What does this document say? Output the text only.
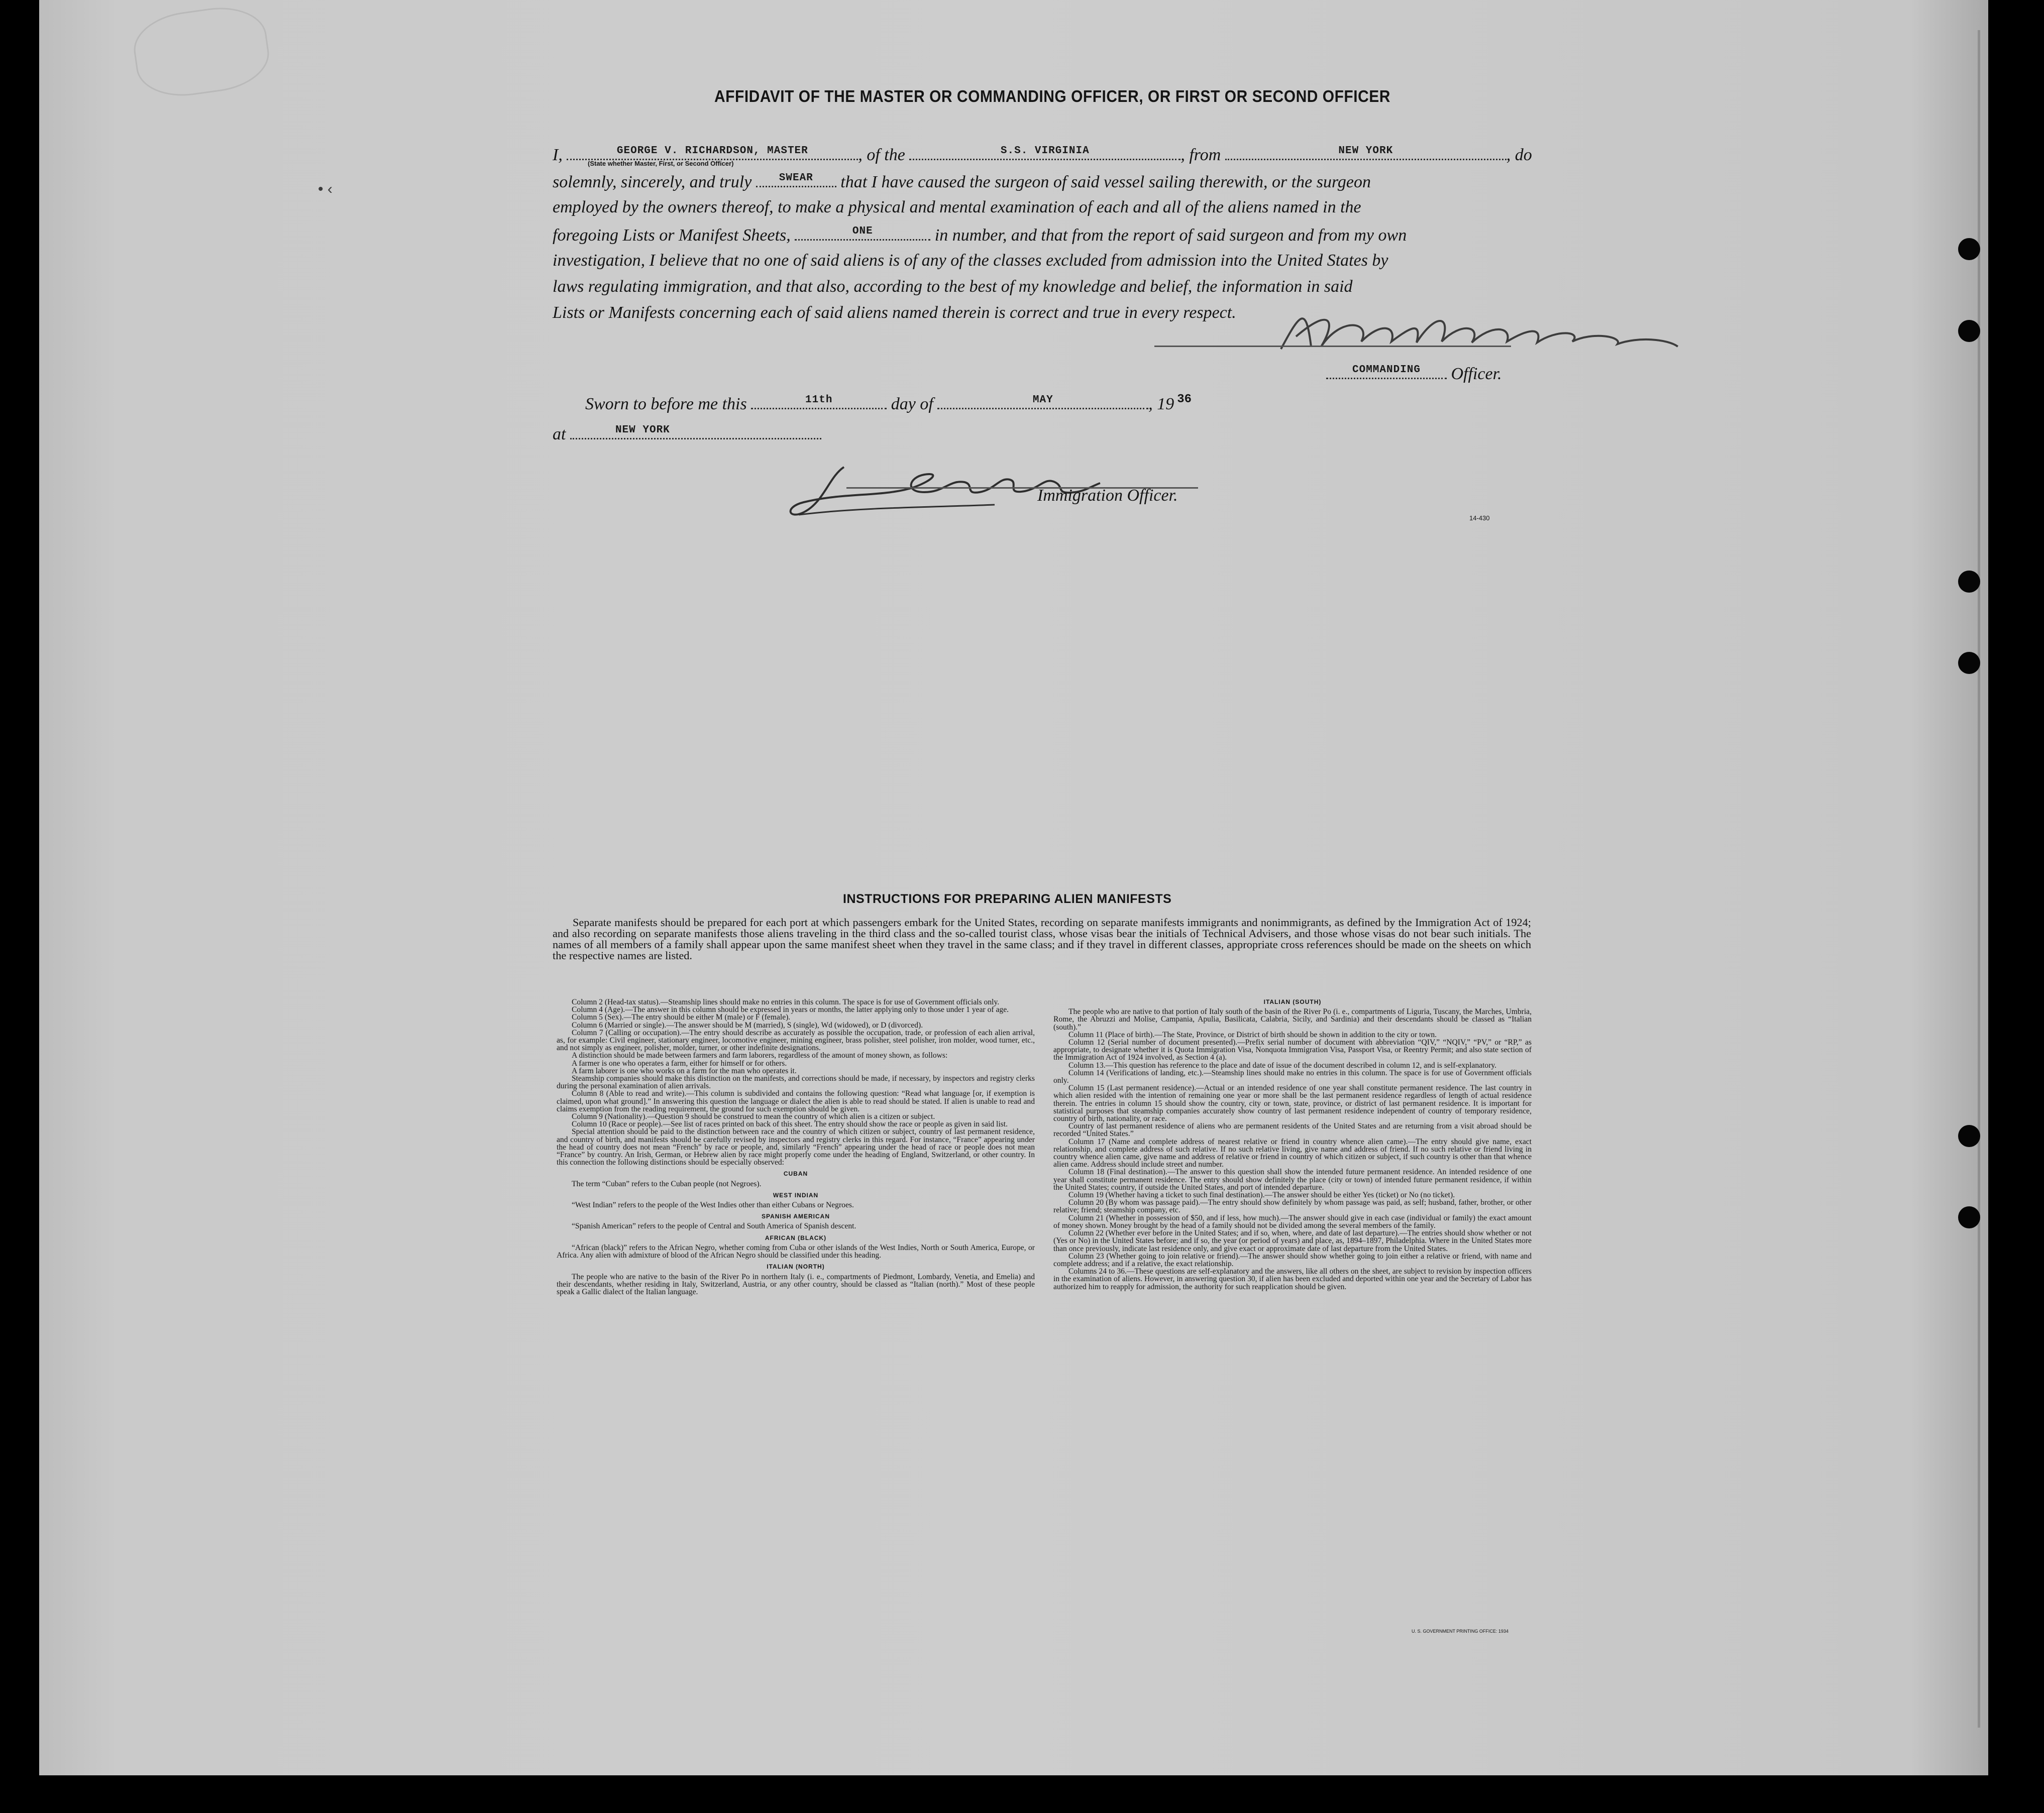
• ‹
AFFIDAVIT OF THE MASTER OR COMMANDING OFFICER, OR FIRST OR SECOND OFFICER
I,	GEORGE V. RICHARDSON, MASTER	, of the	S.S. VIRGINIA	, from	NEW YORK	, do
(State whether Master, First, or Second Officer)
solemnly, sincerely, and truly	SWEAR	that I have caused the surgeon of said vessel sailing therewith, or the surgeon
employed by the owners thereof, to make a physical and mental examination of each and all of the aliens named in the
foregoing Lists or Manifest Sheets,	ONE	in number, and that from the report of said surgeon and from my own
investigation, I believe that no one of said aliens is of any of the classes excluded from admission into the United States by
laws regulating immigration, and that also, according to the best of my knowledge and belief, the information in said
Lists or Manifests concerning each of said aliens named therein is correct and true in every respect.
COMMANDING	Officer.
Sworn to before me this	11th	day of	MAY	, 19 $^{36}$
at	NEW YORK
Immigration Officer.
14-430
INSTRUCTIONS FOR PREPARING ALIEN MANIFESTS
Separate manifests should be prepared for each port at which passengers embark for the United States, recording on separate manifests immigrants and nonimmigrants, as defined by the Immigration Act of 1924; and also recording on separate manifests those aliens traveling in the third class and the so-called tourist class, whose visas bear the initials of Technical Advisers, and those whose visas do not bear such initials. The names of all members of a family shall appear upon the same manifest sheet when they travel in the same class; and if they travel in different classes, appropriate cross references should be made on the sheets on which the respective names are listed.

Column 2 (Head-tax status).—Steamship lines should make no entries in this column. The space is for use of Government officials only.

Column 4 (Age).—The answer in this column should be expressed in years or months, the latter applying only to those under 1 year of age.

Column 5 (Sex).—The entry should be either M (male) or F (female).

Column 6 (Married or single).—The answer should be M (married), S (single), Wd (widowed), or D (divorced).

Column 7 (Calling or occupation).—The entry should describe as accurately as possible the occupation, trade, or profession of each alien arrival, as, for example: Civil engineer, stationary engineer, locomotive engineer, mining engineer, brass polisher, steel polisher, iron molder, wood turner, etc., and not simply as engineer, polisher, molder, turner, or other indefinite designations.

A distinction should be made between farmers and farm laborers, regardless of the amount of money shown, as follows:

A farmer is one who operates a farm, either for himself or for others.

A farm laborer is one who works on a farm for the man who operates it.

Steamship companies should make this distinction on the manifests, and corrections should be made, if necessary, by inspectors and registry clerks during the personal examination of alien arrivals.

Column 8 (Able to read and write).—This column is subdivided and contains the following question: “Read what language [or, if exemption is claimed, upon what ground].” In answering this question the language or dialect the alien is able to read should be stated. If alien is unable to read and claims exemption from the reading requirement, the ground for such exemption should be given.

Column 9 (Nationality).—Question 9 should be construed to mean the country of which alien is a citizen or subject.

Column 10 (Race or people).—See list of races printed on back of this sheet. The entry should show the race or people as given in said list.

Special attention should be paid to the distinction between race and the country of which citizen or subject, country of last permanent residence, and country of birth, and manifests should be carefully revised by inspectors and registry clerks in this regard. For instance, “France” appearing under the head of country does not mean “French” by race or people, and, similarly “French” appearing under the head of race or people does not mean “France” by country. An Irish, German, or Hebrew alien by race might properly come under the heading of England, Switzerland, or other country. In this connection the following distinctions should be especially observed:

CUBAN

The term “Cuban” refers to the Cuban people (not Negroes).

WEST INDIAN

“West Indian” refers to the people of the West Indies other than either Cubans or Negroes.

SPANISH AMERICAN

“Spanish American” refers to the people of Central and South America of Spanish descent.

AFRICAN (BLACK)

“African (black)” refers to the African Negro, whether coming from Cuba or other islands of the West Indies, North or South America, Europe, or Africa. Any alien with admixture of blood of the African Negro should be classified under this heading.

ITALIAN (NORTH)

The people who are native to the basin of the River Po in northern Italy (i. e., compartments of Piedmont, Lombardy, Venetia, and Emelia) and their descendants, whether residing in Italy, Switzerland, Austria, or any other country, should be classed as “Italian (north).” Most of these people speak a Gallic dialect of the Italian language.

ITALIAN (SOUTH)

The people who are native to that portion of Italy south of the basin of the River Po (i. e., compartments of Liguria, Tuscany, the Marches, Umbria, Rome, the Abruzzi and Molise, Campania, Apulia, Basilicata, Calabria, Sicily, and Sardinia) and their descendants should be classed as “Italian (south).”

Column 11 (Place of birth).—The State, Province, or District of birth should be shown in addition to the city or town.

Column 12 (Serial number of document presented).—Prefix serial number of document with abbreviation “QIV,” “NQIV,” “PV,” or “RP,” as appropriate, to designate whether it is Quota Immigration Visa, Nonquota Immigration Visa, Passport Visa, or Reentry Permit; and also state section of the Immigration Act of 1924 involved, as Section 4 (a).

Column 13.—This question has reference to the place and date of issue of the document described in column 12, and is self-explanatory.

Column 14 (Verifications of landing, etc.).—Steamship lines should make no entries in this column. The space is for use of Government officials only.

Column 15 (Last permanent residence).—Actual or an intended residence of one year shall constitute permanent residence. The last country in which alien resided with the intention of remaining one year or more shall be the last permanent residence regardless of length of actual residence therein. The entries in column 15 should show the country, city or town, state, province, or district of last permanent residence. It is important for statistical purposes that steamship companies accurately show country of last permanent residence independent of country of temporary residence, country of birth, nationality, or race.

Country of last permanent residence of aliens who are permanent residents of the United States and are returning from a visit abroad should be recorded “United States.”

Column 17 (Name and complete address of nearest relative or friend in country whence alien came).—The entry should give name, exact relationship, and complete address of such relative. If no such relative living, give name and address of friend. If no such relative or friend living in country whence alien came, give name and address of relative or friend in country of which citizen or subject, if such country is other than that whence alien came. Address should include street and number.

Column 18 (Final destination).—The answer to this question shall show the intended future permanent residence. An intended residence of one year shall constitute permanent residence. The entry should show definitely the place (city or town) of intended future permanent residence, if within the United States; country, if outside the United States, and port of intended departure.

Column 19 (Whether having a ticket to such final destination).—The answer should be either Yes (ticket) or No (no ticket).

Column 20 (By whom was passage paid).—The entry should show definitely by whom passage was paid, as self; husband, father, brother, or other relative; friend; steamship company, etc.

Column 21 (Whether in possession of $50, and if less, how much).—The answer should give in each case (individual or family) the exact amount of money shown. Money brought by the head of a family should not be divided among the several members of the family.

Column 22 (Whether ever before in the United States; and if so, when, where, and date of last departure).—The entries should show whether or not (Yes or No) in the United States before; and if so, the year (or period of years) and place, as, 1894–1897, Philadelphia. Where in the United States more than once previously, indicate last residence only, and give exact or approximate date of last departure from the United States.

Column 23 (Whether going to join relative or friend).—The answer should show whether going to join either a relative or friend, with name and complete address; and if a relative, the exact relationship.

Columns 24 to 36.—These questions are self-explanatory and the answers, like all others on the sheet, are subject to revision by inspection officers in the examination of aliens. However, in answering question 30, if alien has been excluded and deported within one year and the Secretary of Labor has authorized him to reapply for admission, the authority for such reapplication should be given.

U. S. GOVERNMENT PRINTING OFFICE: 1934
